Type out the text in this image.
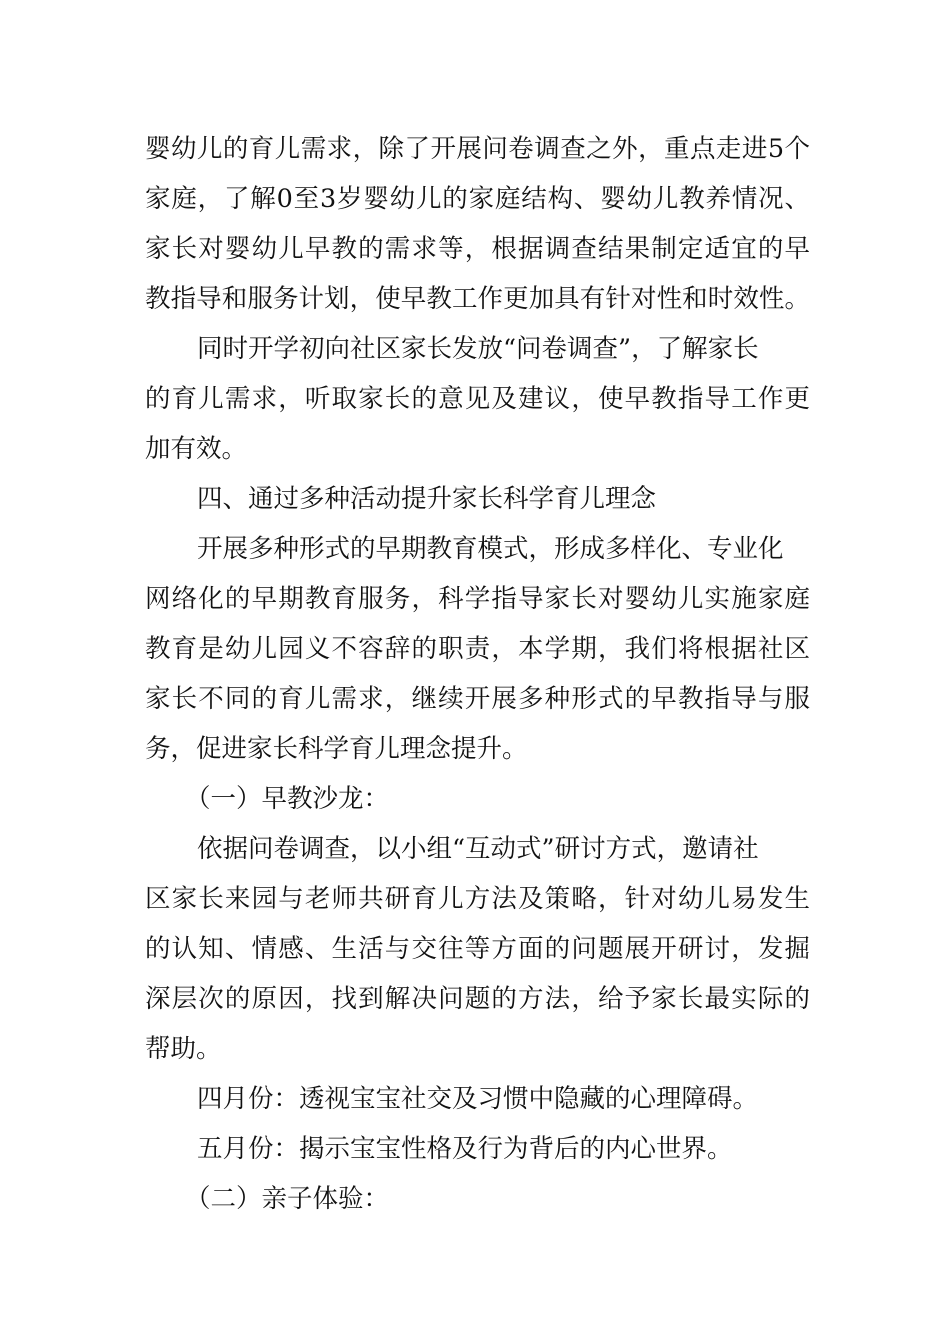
婴幼儿的育儿需求，除了开展问卷调查之外，重点走进5个
家庭，了解0至3岁婴幼儿的家庭结构、婴幼儿教养情况、
家长对婴幼儿早教的需求等，根据调查结果制定适宜的早
教指导和服务计划，使早教工作更加具有针对性和时效性。
同时开学初向社区家长发放“问卷调查”，了解家长
的育儿需求，听取家长的意见及建议，使早教指导工作更
加有效。
四、通过多种活动提升家长科学育儿理念
开展多种形式的早期教育模式，形成多样化、专业化
网络化的早期教育服务，科学指导家长对婴幼儿实施家庭
教育是幼儿园义不容辞的职责，本学期，我们将根据社区
家长不同的育儿需求，继续开展多种形式的早教指导与服
务，促进家长科学育儿理念提升。
（一）早教沙龙：
依据问卷调查，以小组“互动式”研讨方式，邀请社
区家长来园与老师共研育儿方法及策略，针对幼儿易发生
的认知、情感、生活与交往等方面的问题展开研讨，发掘
深层次的原因，找到解决问题的方法，给予家长最实际的
帮助。
四月份：透视宝宝社交及习惯中隐藏的心理障碍。
五月份：揭示宝宝性格及行为背后的内心世界。
（二）亲子体验：
